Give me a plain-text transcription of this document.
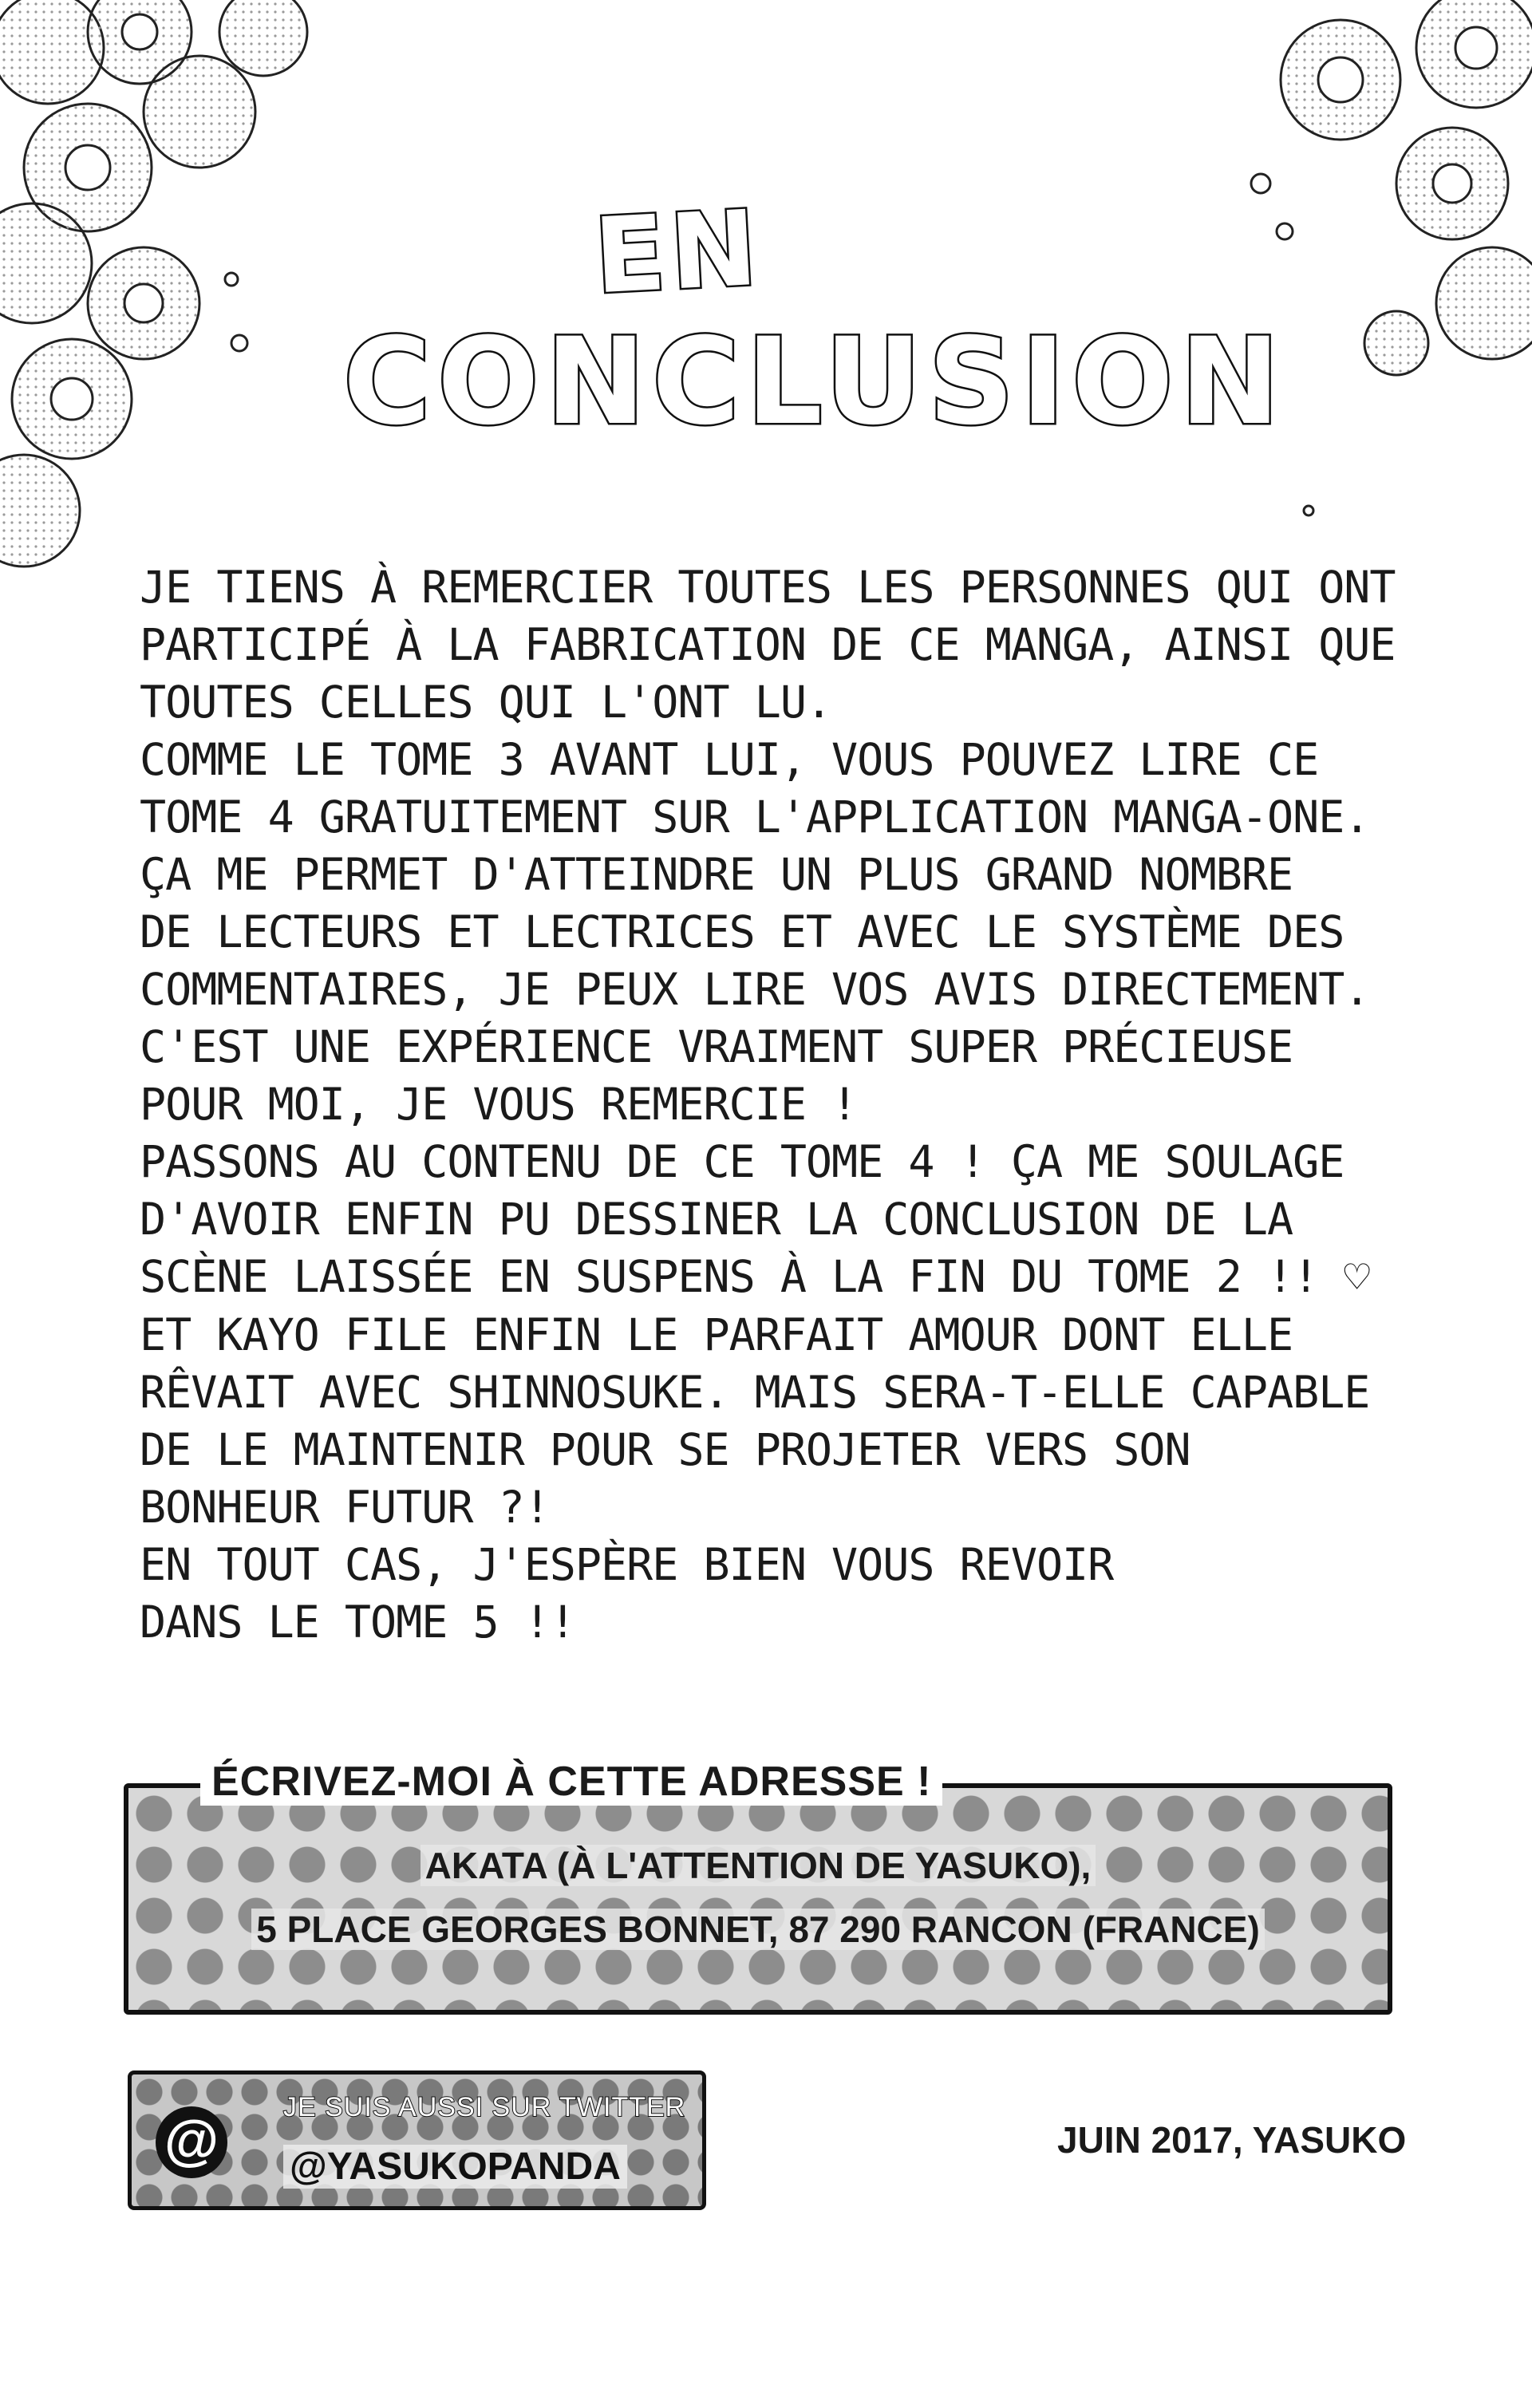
EN
CONCLUSION
JE TIENS À REMERCIER TOUTES LES PERSONNES QUI ONT
PARTICIPÉ À LA FABRICATION DE CE MANGA, AINSI QUE
TOUTES CELLES QUI L'ONT LU.
COMME LE TOME 3 AVANT LUI, VOUS POUVEZ LIRE CE
TOME 4 GRATUITEMENT SUR L'APPLICATION MANGA-ONE.
ÇA ME PERMET D'ATTEINDRE UN PLUS GRAND NOMBRE
DE LECTEURS ET LECTRICES ET AVEC LE SYSTÈME DES
COMMENTAIRES, JE PEUX LIRE VOS AVIS DIRECTEMENT.
C'EST UNE EXPÉRIENCE VRAIMENT SUPER PRÉCIEUSE
POUR MOI, JE VOUS REMERCIE !
PASSONS AU CONTENU DE CE TOME 4 ! ÇA ME SOULAGE
D'AVOIR ENFIN PU DESSINER LA CONCLUSION DE LA
SCÈNE LAISSÉE EN SUSPENS À LA FIN DU TOME 2 !! ♡
ET KAYO FILE ENFIN LE PARFAIT AMOUR DONT ELLE
RÊVAIT AVEC SHINNOSUKE. MAIS SERA-T-ELLE CAPABLE
DE LE MAINTENIR POUR SE PROJETER VERS SON
BONHEUR FUTUR ?!
EN TOUT CAS, J'ESPÈRE BIEN VOUS REVOIR
DANS LE TOME 5 !!
ÉCRIVEZ-MOI À CETTE ADRESSE !
AKATA (À L'ATTENTION DE YASUKO),
5 PLACE GEORGES BONNET, 87 290 RANCON (FRANCE)
@
JE SUIS AUSSI SUR TWITTER
@YASUKOPANDA
JUIN 2017, YASUKO
